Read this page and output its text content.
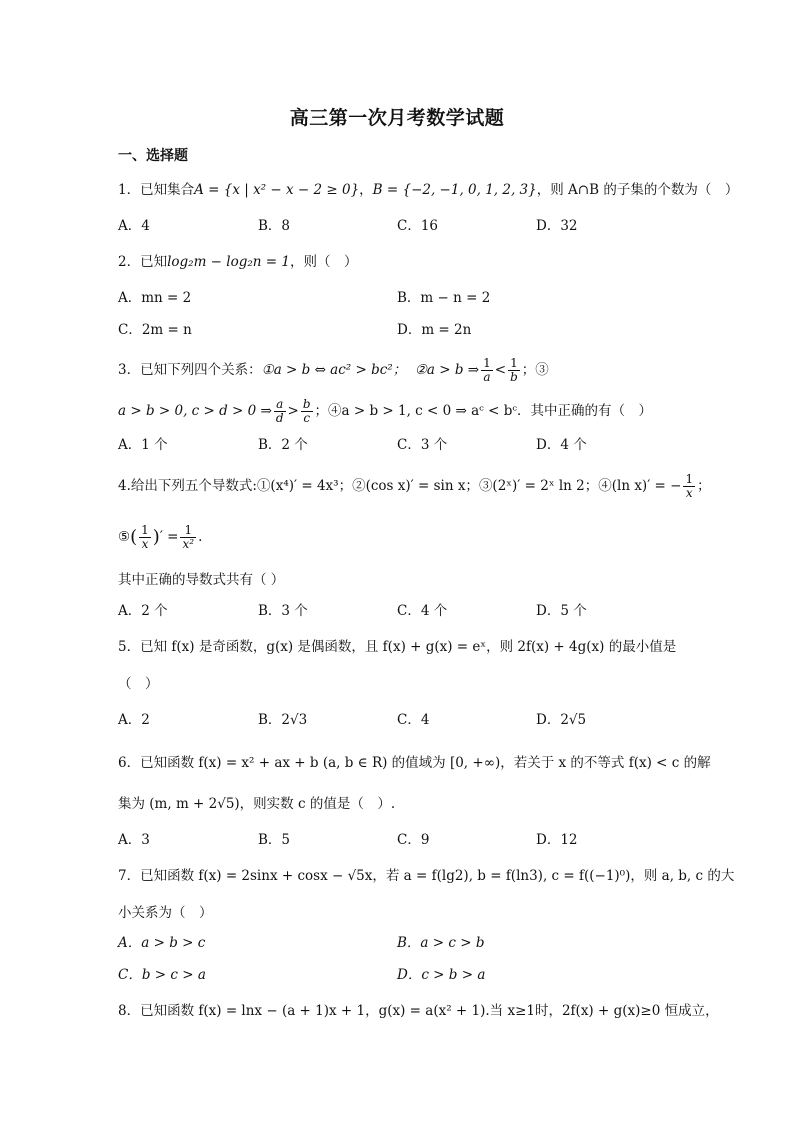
高三第一次月考数学试题
一、选择题
1．已知集合A = {x | x² − x − 2 ≥ 0}，B = {−2, −1, 0, 1, 2, 3}，则 A∩B 的子集的个数为（　）
A．4	B．8	C．16	D．32
2．已知log₂m − log₂n = 1，则（　）
A．mn = 2	B．m − n = 2
C．2m = n	D．m = 2n
3．已知下列四个关系：①a > b ⇔ ac² > bc²； ②a > b ⇒ $\frac{1}{a} < \frac{1}{b}$ ；③
a > b > 0, c > d > 0 ⇒ $\frac{a}{d} > \frac{b}{c}$ ；④a > b > 1, c < 0 ⇒ aᶜ < bᶜ．其中正确的有（　）
A．1 个	B．2 个	C．3 个	D．4 个
4.给出下列五个导数式:①(x⁴)′ = 4x³；②(cos x)′ = sin x；③(2ˣ)′ = 2ˣ ln 2；④(ln x)′ = − $\frac{1}{x}$ ；
⑤( $\frac{1}{x}$ )′ = $\frac{1}{\text{x²}}$ .
其中正确的导数式共有（ ）
A．2 个	B．3 个	C．4 个	D．5 个
5．已知 f(x) 是奇函数，g(x) 是偶函数，且 f(x) + g(x) = eˣ，则 2f(x) + 4g(x) 的最小值是
（　）
A．2	B．2√3	C．4	D．2√5
6．已知函数 f(x) = x² + ax + b (a, b ∈ R) 的值域为 [0, +∞)，若关于 x 的不等式 f(x) < c 的解
集为 (m, m + 2√5)，则实数 c 的值是（　）.
A．3	B．5	C．9	D．12
7．已知函数 f(x) = 2sinx + cosx − √5x，若 a = f(lg2), b = f(ln3), c = f((−1)⁰)，则 a, b, c 的大
小关系为（　）
A．a > b > c	B．a > c > b
C．b > c > a	D．c > b > a
8．已知函数 f(x) = lnx − (a + 1)x + 1，g(x) = a(x² + 1).当 x≥1时，2f(x) + g(x)≥0 恒成立，
